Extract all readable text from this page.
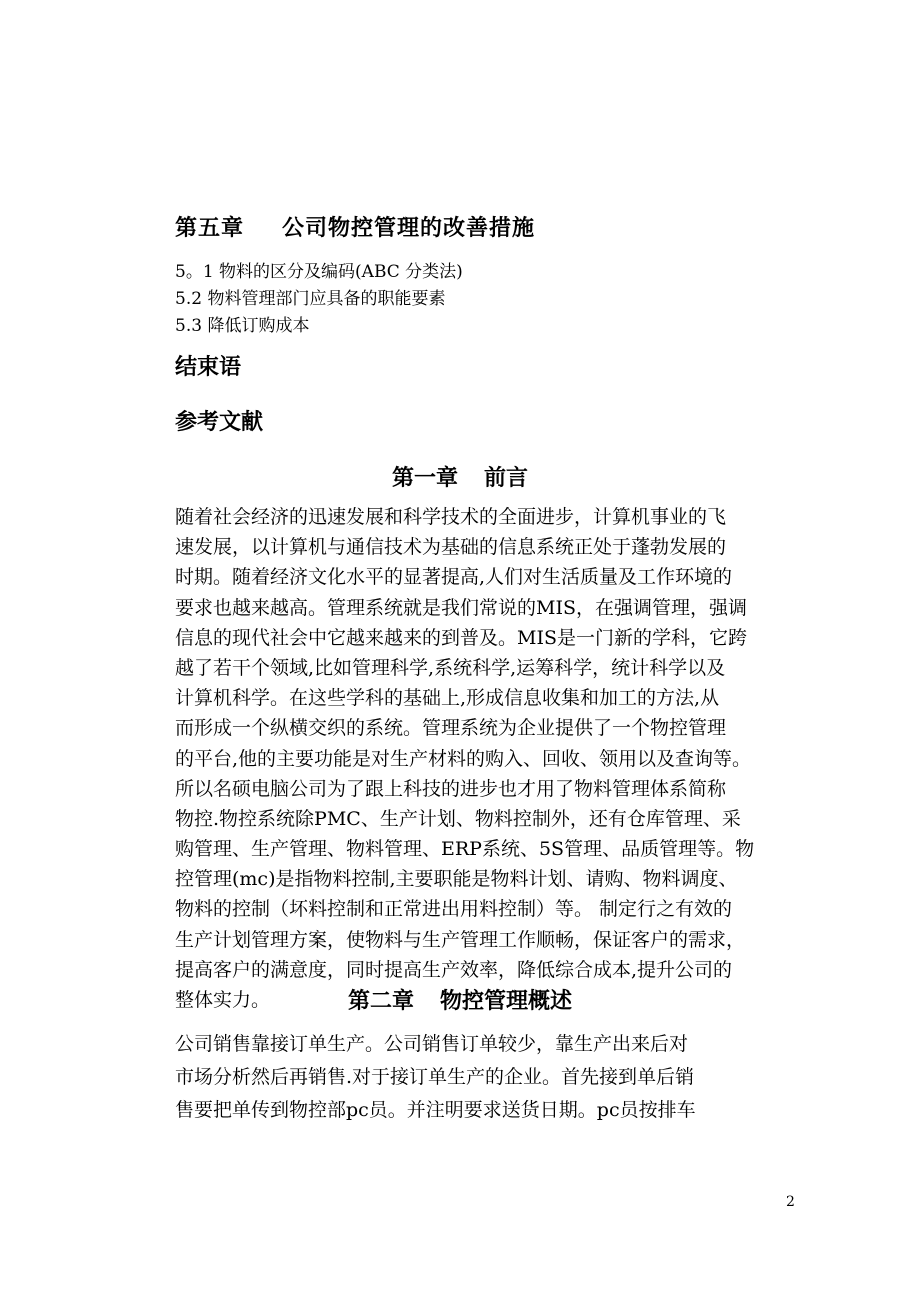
第五章 公司物控管理的改善措施
5。1 物料的区分及编码(ABC 分类法)
5.2 物料管理部门应具备的职能要素
5.3 降低订购成本
结束语
参考文献
第一章 前言
随着社会经济的迅速发展和科学技术的全面进步，计算机事业的飞
速发展，以计算机与通信技术为基础的信息系统正处于蓬勃发展的
时期。随着经济文化水平的显著提高,人们对生活质量及工作环境的
要求也越来越高。管理系统就是我们常说的MIS，在强调管理，强调
信息的现代社会中它越来越来的到普及。MIS是一门新的学科，它跨
越了若干个领域,比如管理科学,系统科学,运筹科学，统计科学以及
计算机科学。在这些学科的基础上,形成信息收集和加工的方法,从
而形成一个纵横交织的系统。管理系统为企业提供了一个物控管理
的平台,他的主要功能是对生产材料的购入、回收、领用以及查询等。
所以名硕电脑公司为了跟上科技的进步也才用了物料管理体系简称
物控.物控系统除PMC、生产计划、物料控制外，还有仓库管理、采
购管理、生产管理、物料管理、ERP系统、5S管理、品质管理等。物
控管理(mc)是指物料控制,主要职能是物料计划、请购、物料调度、
物料的控制（坏料控制和正常进出用料控制）等。 制定行之有效的
生产计划管理方案，使物料与生产管理工作顺畅，保证客户的需求，
提高客户的满意度，同时提高生产效率，降低综合成本,提升公司的
整体实力。	第二章 物控管理概述
公司销售靠接订单生产。公司销售订单较少，靠生产出来后对
市场分析然后再销售.对于接订单生产的企业。首先接到单后销
售要把单传到物控部pc员。并注明要求送货日期。pc员按排车
2
